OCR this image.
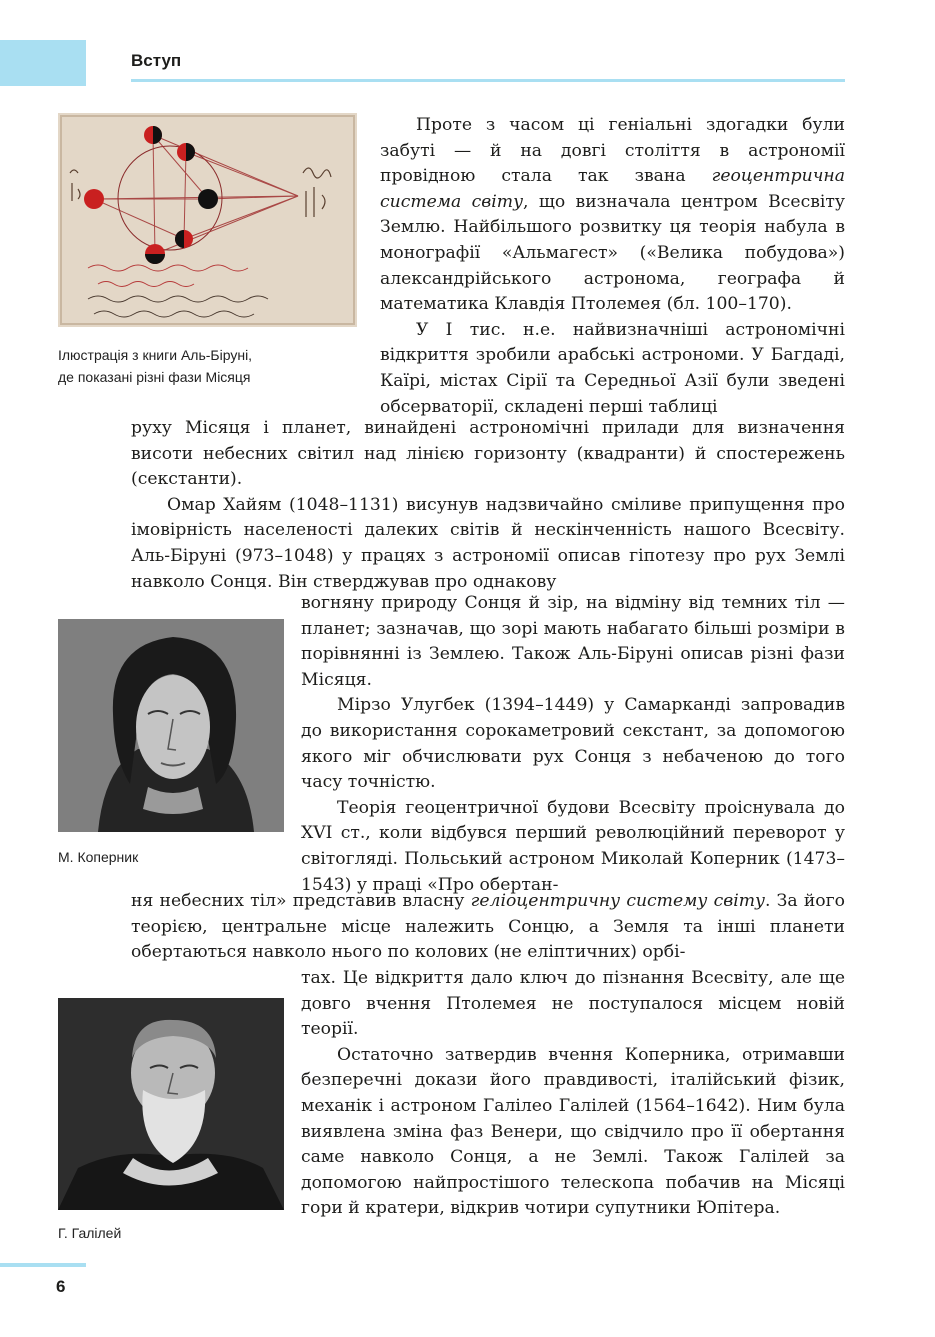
Вступ
Ілюстрація з книги Аль-Біруні,
де показані різні фази Місяця

Проте з часом ці геніальні здогадки були забуті — й на довгі століття в астрономії провідною стала так звана геоцентрична система світу, що визначала центром Всесвіту Землю. Найбільшого розвитку ця теорія набула в монографії «Альмагест» («Велика побудова») александрійського астронома, географа й математика Клавдія Птолемея (бл. 100–170).

У І тис. н.е. найвизначніші астрономічні відкриття зробили арабські астрономи. У Багдаді, Каїрі, містах Сірії та Середньої Азії були зведені обсерваторії, складені перші таблиці

руху Місяця і планет, винайдені астрономічні прилади для визначення висоти небесних світил над лінією горизонту (квадранти) й спостережень (секстанти).

Омар Хайям (1048–1131) висунув надзвичайно сміливе припущення про імовірність населеності далеких світів й нескінченність нашого Всесвіту. Аль-Біруні (973–1048) у працях з астрономії описав гіпотезу про рух Землі навколо Сонця. Він стверджував про однакову

М. Коперник

вогняну природу Сонця й зір, на відміну від темних тіл — планет; зазначав, що зорі мають набагато більші розміри в порівнянні із Землею. Також Аль-Біруні описав різні фази Місяця.

Мірзо Улугбек (1394–1449) у Самарканді запровадив до використання сорокаметровий секстант, за допомогою якого міг обчислювати рух Сонця з небаченою до того часу точністю.

Теорія геоцентричної будови Всесвіту проіснувала до XVI ст., коли відбувся перший революційний переворот у світогляді. Польський астроном Миколай Коперник (1473–1543) у праці «Про обертан-

ня небесних тіл» представив власну геліоцентричну систему світу. За його теорією, центральне місце належить Сонцю, а Земля та інші планети обертаються навколо нього по колових (не еліптичних) орбі-

Г. Галілей

тах. Це відкриття дало ключ до пізнання Всесвіту, але ще довго вчення Птолемея не поступалося місцем новій теорії.

Остаточно затвердив вчення Коперника, отримавши безперечні докази його правдивості, італійський фізик, механік і астроном Галілео Галілей (1564–1642). Ним була виявлена зміна фаз Венери, що свідчило про її обертання саме навколо Сонця, а не Землі. Також Галілей за допомогою найпростішого телескопа побачив на Місяці гори й кратери, відкрив чотири супутники Юпітера.

6
